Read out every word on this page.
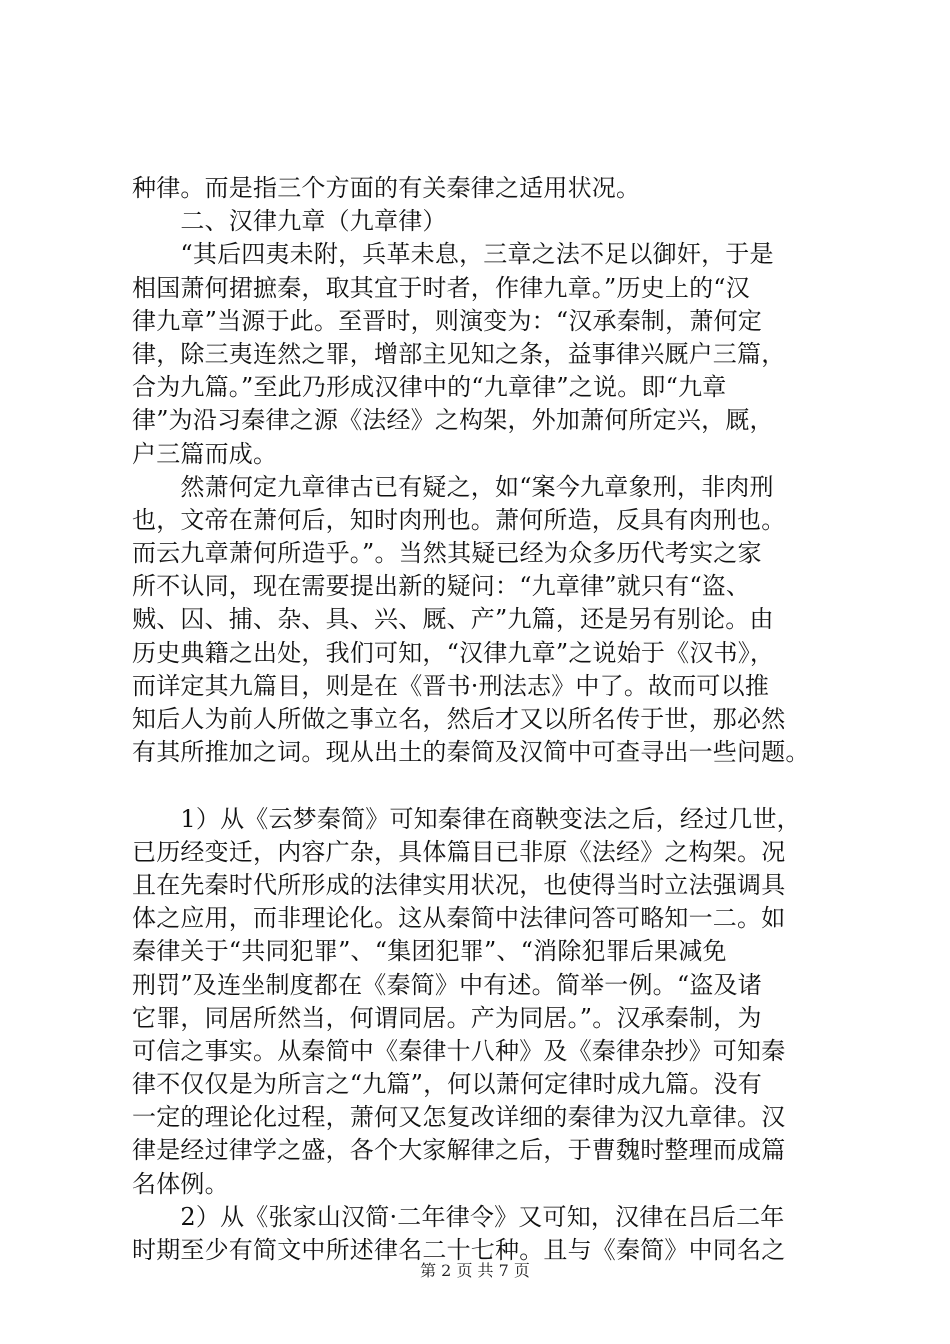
种律。而是指三个方面的有关秦律之适用状况。
　　二、汉律九章（九章律）
　　“其后四夷未附，兵革未息，三章之法不足以御奸，于是
相国萧何捃摭秦，取其宜于时者，作律九章。”历史上的“汉
律九章”当源于此。至晋时，则演变为：“汉承秦制，萧何定
律，除三夷连然之罪，增部主见知之条，益事律兴厩户三篇，
合为九篇。”至此乃形成汉律中的“九章律”之说。即“九章
律”为沿习秦律之源《法经》之构架，外加萧何所定兴，厩，
户三篇而成。
　　然萧何定九章律古已有疑之，如“案今九章象刑，非肉刑
也，文帝在萧何后，知时肉刑也。萧何所造，反具有肉刑也。
而云九章萧何所造乎。”。当然其疑已经为众多历代考实之家
所不认同，现在需要提出新的疑问：“九章律”就只有“盗、
贼、囚、捕、杂、具、兴、厩、产”九篇，还是另有别论。由
历史典籍之出处，我们可知，“汉律九章”之说始于《汉书》，
而详定其九篇目，则是在《晋书·刑法志》中了。故而可以推
知后人为前人所做之事立名，然后才又以所名传于世，那必然
有其所推加之词。现从出土的秦简及汉简中可查寻出一些问题。
　　1）从《云梦秦简》可知秦律在商鞅变法之后，经过几世，
已历经变迁，内容广杂，具体篇目已非原《法经》之构架。况
且在先秦时代所形成的法律实用状况，也使得当时立法强调具
体之应用，而非理论化。这从秦简中法律问答可略知一二。如
秦律关于“共同犯罪”、“集团犯罪”、“消除犯罪后果减免
刑罚”及连坐制度都在《秦简》中有述。简举一例。“盗及诸
它罪，同居所然当，何谓同居。产为同居。”。汉承秦制，为
可信之事实。从秦简中《秦律十八种》及《秦律杂抄》可知秦
律不仅仅是为所言之“九篇”，何以萧何定律时成九篇。没有
一定的理论化过程，萧何又怎复改详细的秦律为汉九章律。汉
律是经过律学之盛，各个大家解律之后，于曹魏时整理而成篇
名体例。
　　2）从《张家山汉简·二年律令》又可知，汉律在吕后二年
时期至少有简文中所述律名二十七种。且与《秦简》中同名之
第 2 页 共 7 页
